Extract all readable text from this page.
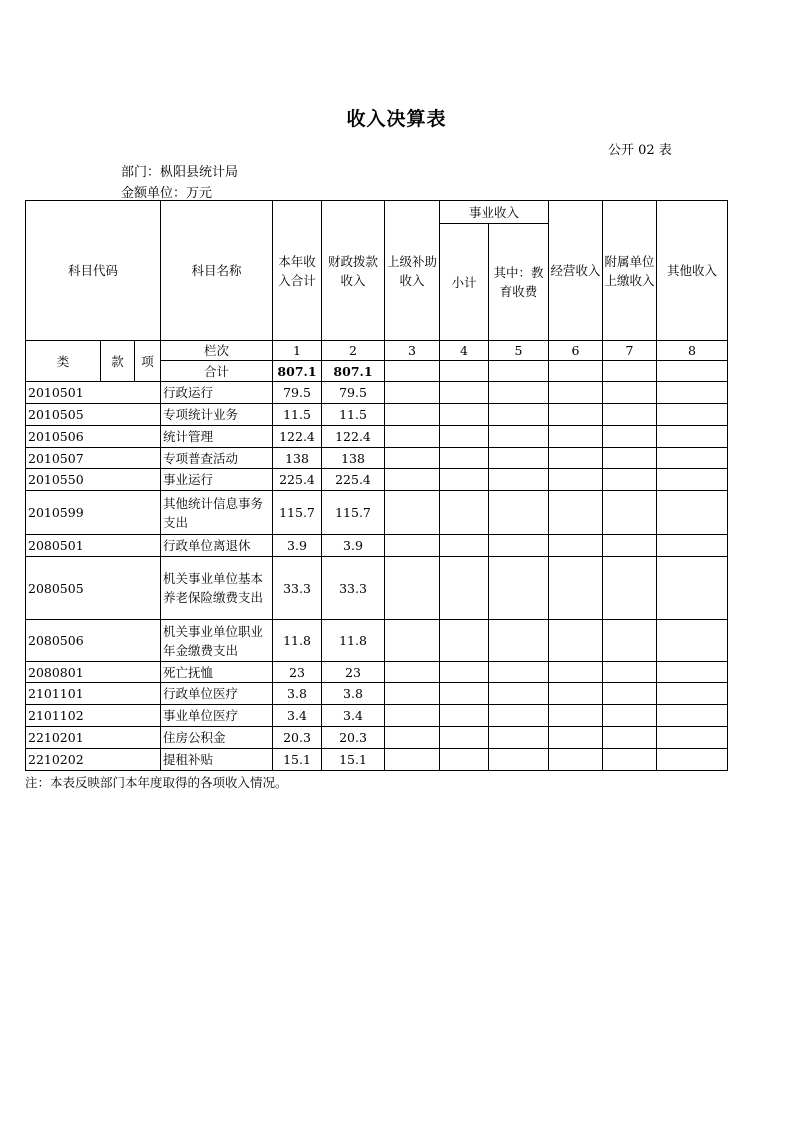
收入决算表
公开 02 表
部门：枞阳县统计局
金额单位：万元
科目代码			科目名称	本年收入合计	财政拨款收入	上级补助收入	事业收入		经营收入	附属单位上缴收入	其他收入
							小计	其中：教育收费			
类	款	项	栏次	1	2	3	4	5	6	7	8
			合计	807.1	807.1						
2010501			行政运行	79.5	79.5						
2010505			专项统计业务	11.5	11.5						
2010506			统计管理	122.4	122.4						
2010507			专项普查活动	138	138						
2010550			事业运行	225.4	225.4						
2010599			其他统计信息事务支出	115.7	115.7						
2080501			行政单位离退休	3.9	3.9						
2080505			机关事业单位基本养老保险缴费支出	33.3	33.3						
2080506			机关事业单位职业年金缴费支出	11.8	11.8						
2080801			死亡抚恤	23	23						
2101101			行政单位医疗	3.8	3.8						
2101102			事业单位医疗	3.4	3.4						
2210201			住房公积金	20.3	20.3						
2210202			提租补贴	15.1	15.1						
注：本表反映部门本年度取得的各项收入情况。
